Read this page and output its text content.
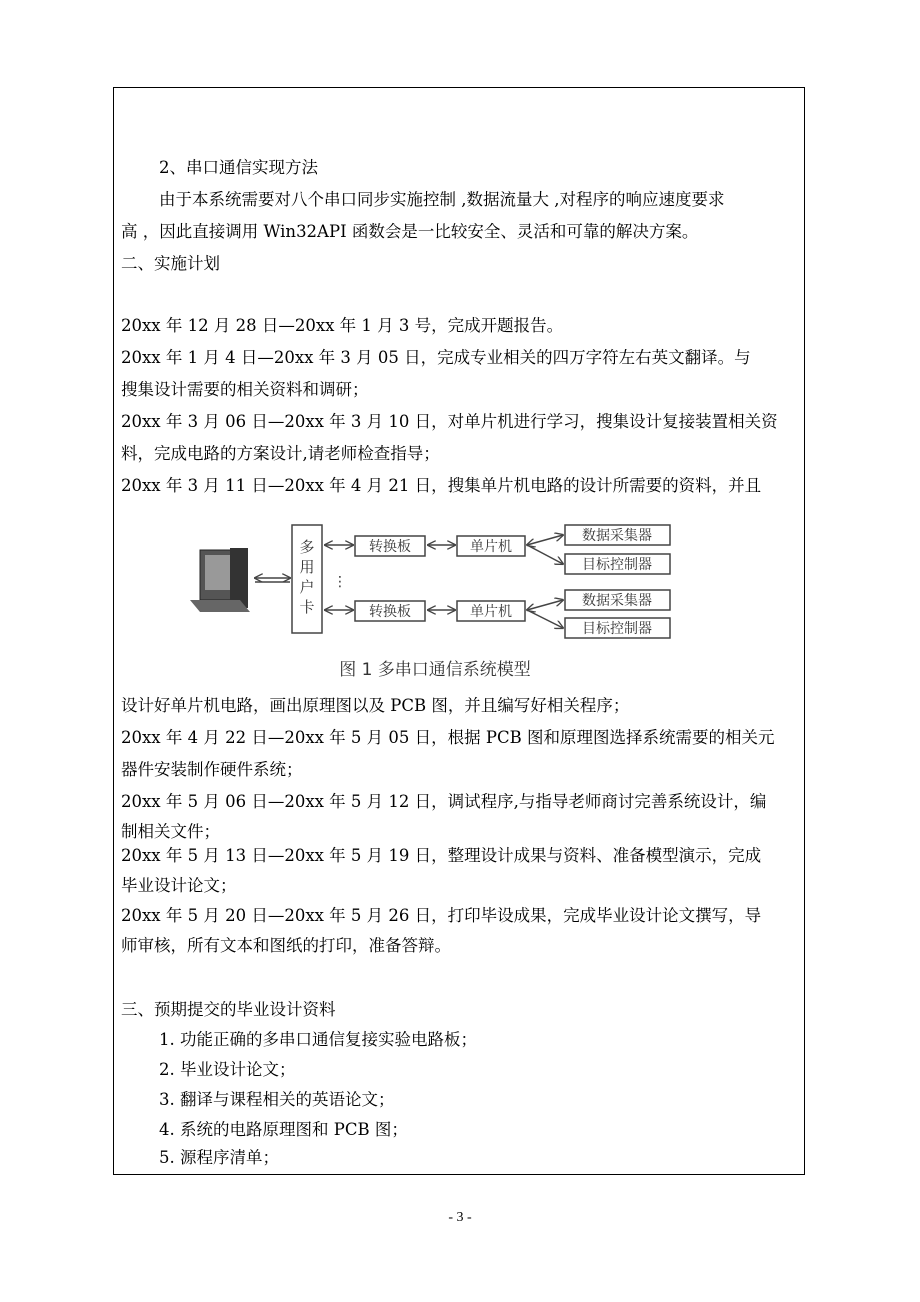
2、串口通信实现方法
由于本系统需要对八个串口同步实施控制 ,数据流量大 ,对程序的响应速度要求
高 ，因此直接调用 Win32API 函数会是一比较安全、灵活和可靠的解决方案。
二、实施计划
20xx 年 12 月 28 日—20xx 年 1 月 3 号，完成开题报告。
20xx 年 1 月 4 日—20xx 年 3 月 05 日，完成专业相关的四万字符左右英文翻译。与
搜集设计需要的相关资料和调研；
20xx 年 3 月 06 日—20xx 年 3 月 10 日，对单片机进行学习，搜集设计复接装置相关资
料，完成电路的方案设计,请老师检查指导；
20xx 年 3 月 11 日—20xx 年 4 月 21 日，搜集单片机电路的设计所需要的资料，并且
多
用
户
卡
转换板	单片机
数据采集器
目标控制器
⋮
转换板	单片机
数据采集器
目标控制器
图 1 多串口通信系统模型
设计好单片机电路，画出原理图以及 PCB 图，并且编写好相关程序；
20xx 年 4 月 22 日—20xx 年 5 月 05 日，根据 PCB 图和原理图选择系统需要的相关元
器件安装制作硬件系统；
20xx 年 5 月 06 日—20xx 年 5 月 12 日，调试程序,与指导老师商讨完善系统设计，编
制相关文件；
20xx 年 5 月 13 日—20xx 年 5 月 19 日，整理设计成果与资料、准备模型演示，完成
毕业设计论文；
20xx 年 5 月 20 日—20xx 年 5 月 26 日，打印毕设成果，完成毕业设计论文撰写，导
师审核，所有文本和图纸的打印，准备答辩。
三、预期提交的毕业设计资料
1. 功能正确的多串口通信复接实验电路板；
2. 毕业设计论文；
3. 翻译与课程相关的英语论文；
4. 系统的电路原理图和 PCB 图；
5. 源程序清单；
- 3 -
